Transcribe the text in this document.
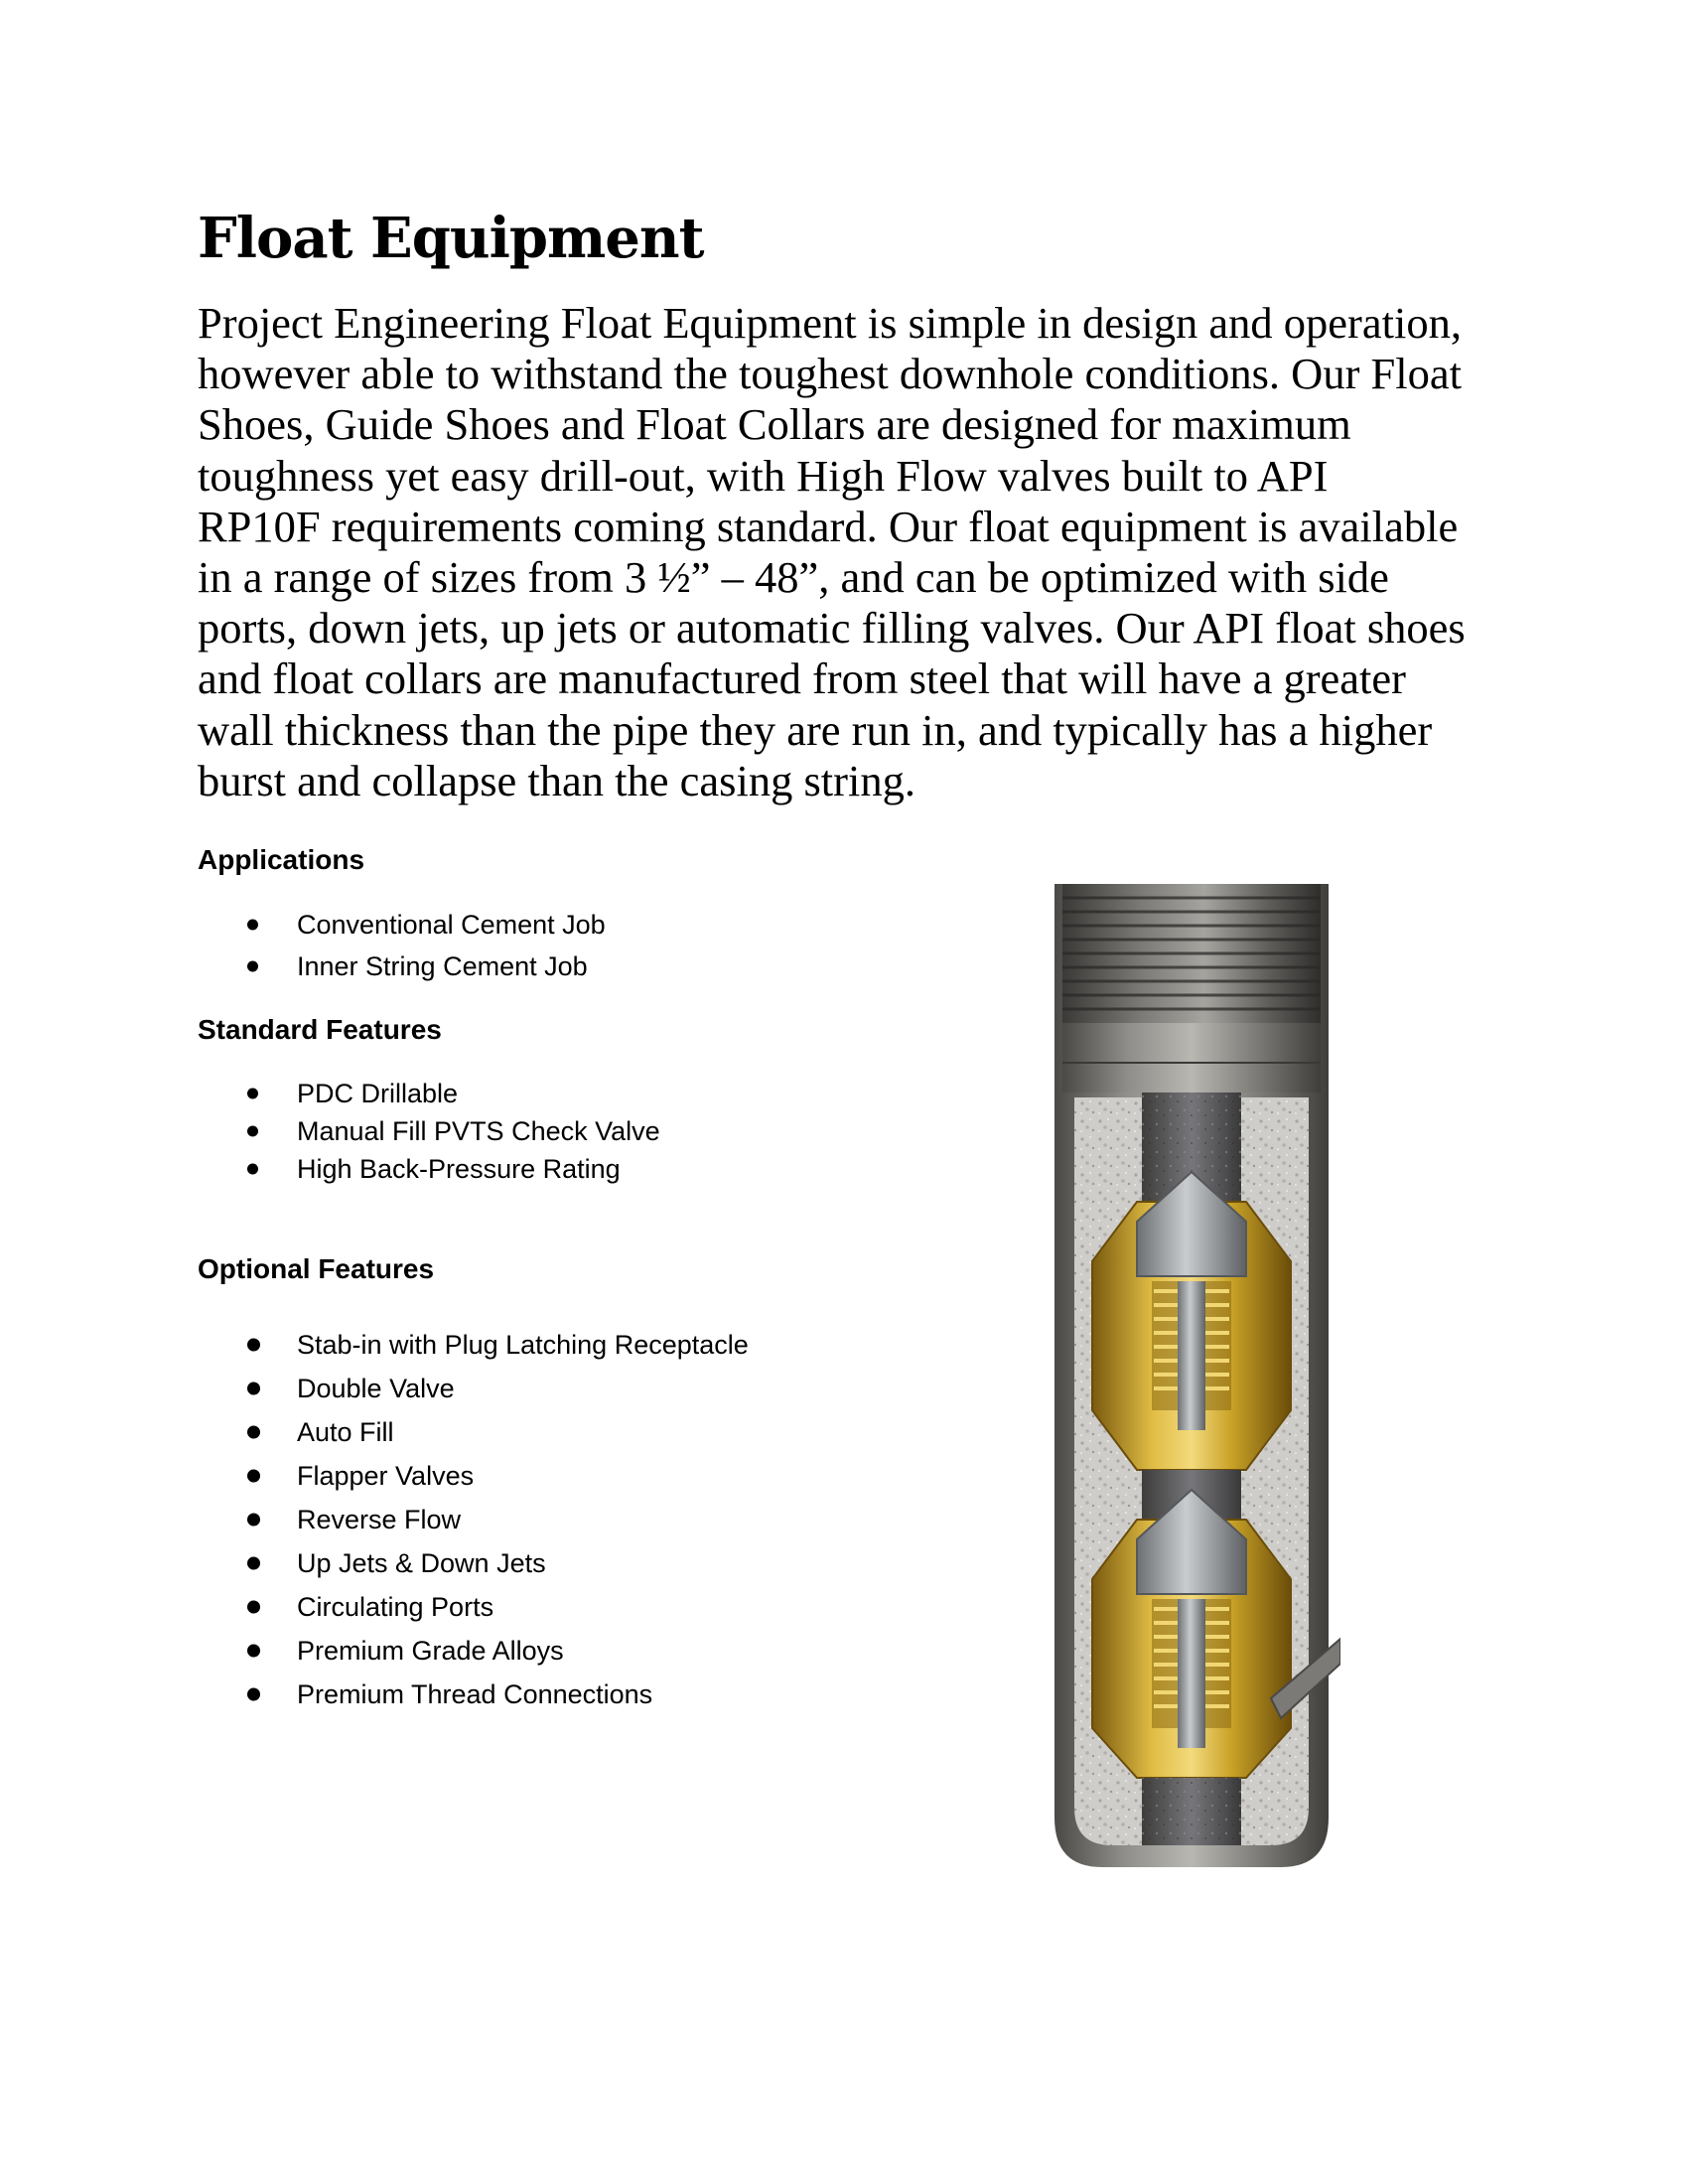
Float Equipment

Project Engineering Float Equipment is simple in design and operation,
however able to withstand the toughest downhole conditions. Our Float
Shoes, Guide Shoes and Float Collars are designed for maximum
toughness yet easy drill-out, with High Flow valves built to API
RP10F requirements coming standard. Our float equipment is available
in a range of sizes from 3 ½” – 48”, and can be optimized with side
ports, down jets, up jets or automatic filling valves. Our API float shoes
and float collars are manufactured from steel that will have a greater
wall thickness than the pipe they are run in, and typically has a higher
burst and collapse than the casing string.

Applications
Conventional Cement Job
Inner String Cement Job
Standard Features
PDC Drillable
Manual Fill PVTS Check Valve
High Back-Pressure Rating
Optional Features
Stab-in with Plug Latching Receptacle
Double Valve
Auto Fill
Flapper Valves
Reverse Flow
Up Jets & Down Jets
Circulating Ports
Premium Grade Alloys
Premium Thread Connections
